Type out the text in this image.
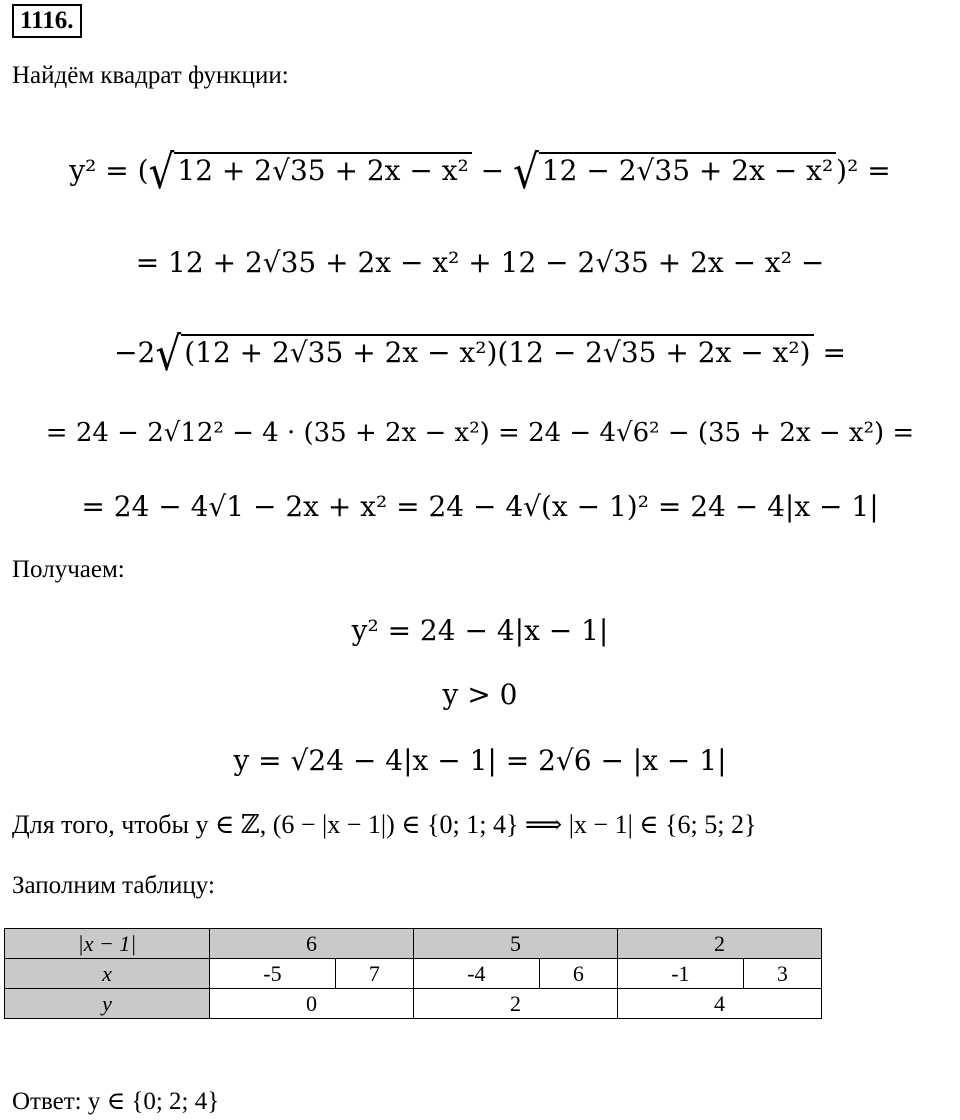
1116.
Найдём квадрат функции:
y² = (√ 12 + 2√35 + 2x − x² − √ 12 − 2√35 + 2x − x² )² =
= 12 + 2√35 + 2x − x² + 12 − 2√35 + 2x − x² −
−2√ (12 + 2√35 + 2x − x²)(12 − 2√35 + 2x − x²) =
= 24 − 2√12² − 4 · (35 + 2x − x²) = 24 − 4√6² − (35 + 2x − x²) =
= 24 − 4√1 − 2x + x² = 24 − 4√(x − 1)² = 24 − 4|x − 1|
Получаем:
y² = 24 − 4|x − 1|
y > 0
y = √24 − 4|x − 1| = 2√6 − |x − 1|
Для того, чтобы y ∈ ℤ, (6 − |x − 1|) ∈ {0; 1; 4} ⟹ |x − 1| ∈ {6; 5; 2}
Заполним таблицу:
|x − 1|	6		5		2	
x	-5	7	-4	6	-1	3
y	0		2		4	
Ответ: y ∈ {0; 2; 4}
